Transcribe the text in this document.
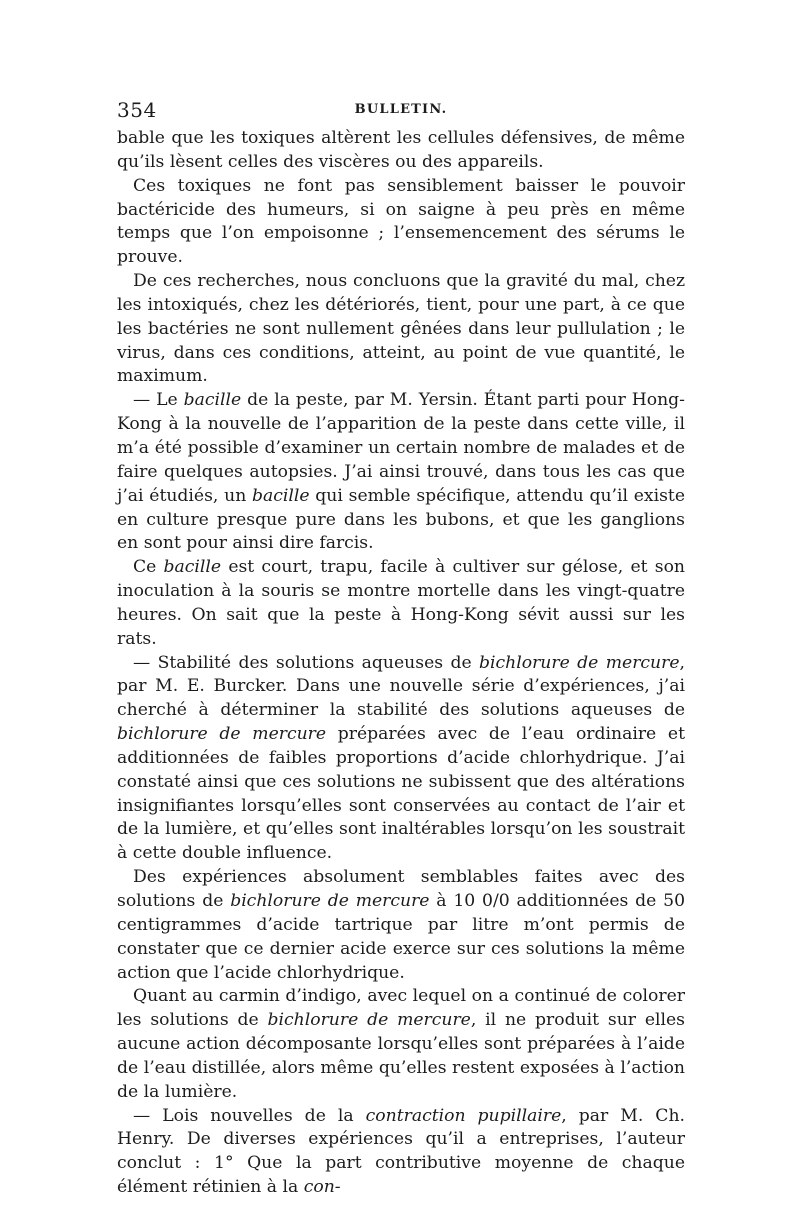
354	BULLETIN.

bable que les toxiques altèrent les cellules défensives, de même qu’ils lèsent celles des viscères ou des appareils.

Ces toxiques ne font pas sensiblement baisser le pouvoir bactéricide des humeurs, si on saigne à peu près en même temps que l’on empoisonne ; l’ensemencement des sérums le prouve.

De ces recherches, nous concluons que la gravité du mal, chez les intoxiqués, chez les détériorés, tient, pour une part, à ce que les bactéries ne sont nullement gênées dans leur pullulation ; le virus, dans ces conditions, atteint, au point de vue quantité, le maximum.

— Le bacille de la peste, par M. Yersin. Étant parti pour Hong-Kong à la nouvelle de l’apparition de la peste dans cette ville, il m’a été possible d’examiner un certain nombre de malades et de faire quelques autopsies. J’ai ainsi trouvé, dans tous les cas que j’ai étudiés, un bacille qui semble spécifique, attendu qu’il existe en culture presque pure dans les bubons, et que les ganglions en sont pour ainsi dire farcis.

Ce bacille est court, trapu, facile à cultiver sur gélose, et son inoculation à la souris se montre mortelle dans les vingt-quatre heures. On sait que la peste à Hong-Kong sévit aussi sur les rats.

— Stabilité des solutions aqueuses de bichlorure de mercure, par M. E. Burcker. Dans une nouvelle série d’expériences, j’ai cherché à déterminer la stabilité des solutions aqueuses de bichlorure de mercure préparées avec de l’eau ordinaire et additionnées de faibles proportions d’acide chlorhydrique. J’ai constaté ainsi que ces solutions ne subissent que des altérations insignifiantes lorsqu’elles sont conservées au contact de l’air et de la lumière, et qu’elles sont inaltérables lorsqu’on les soustrait à cette double influence.

Des expériences absolument semblables faites avec des solutions de bichlorure de mercure à 10 0/0 additionnées de 50 centigrammes d’acide tartrique par litre m’ont permis de constater que ce dernier acide exerce sur ces solutions la même action que l’acide chlorhydrique.

Quant au carmin d’indigo, avec lequel on a continué de colorer les solutions de bichlorure de mercure, il ne produit sur elles aucune action décomposante lorsqu’elles sont préparées à l’aide de l’eau distillée, alors même qu’elles restent exposées à l’action de la lumière.

— Lois nouvelles de la contraction pupillaire, par M. Ch. Henry. De diverses expériences qu’il a entreprises, l’auteur conclut : 1° Que la part contributive moyenne de chaque élément rétinien à la con-
